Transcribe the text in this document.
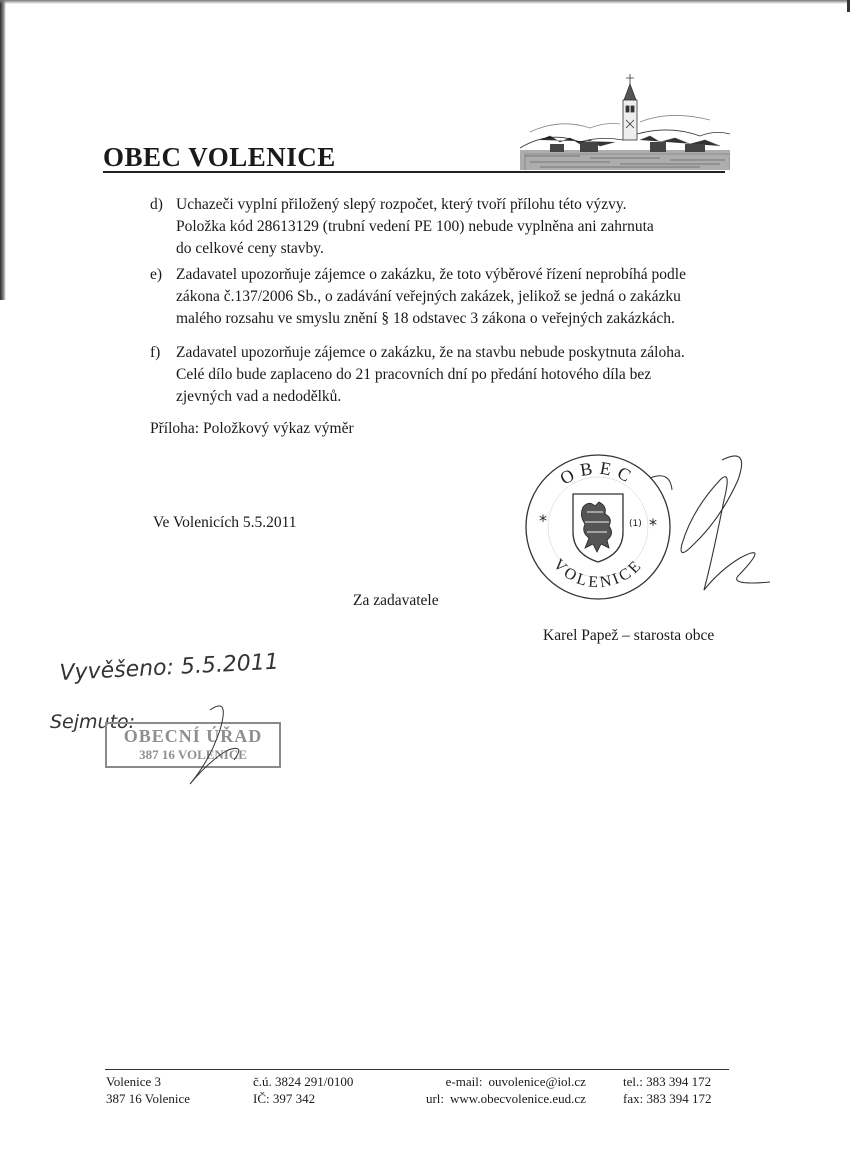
OBEC VOLENICE
d) Uchazeči vyplní přiložený slepý rozpočet, který tvoří přílohu této výzvy.
Položka kód 28613129 (trubní vedení PE 100) nebude vyplněna ani zahrnuta
do celkové ceny stavby.
e) Zadavatel upozorňuje zájemce o zakázku, že toto výběrové řízení neprobíhá podle
zákona č.137/2006 Sb., o zadávání veřejných zakázek, jelikož se jedná o zakázku
malého rozsahu ve smyslu znění § 18 odstavec 3 zákona o veřejných zakázkách.
f) Zadavatel upozorňuje zájemce o zakázku, že na stavbu nebude poskytnuta záloha.
Celé dílo bude zaplaceno do 21 pracovních dní po předání hotového díla bez
zjevných vad a nedodělků.
Příloha: Položkový výkaz výměr
Ve Volenicích 5.5.2011
Za zadavatele
Karel Papež – starosta obce
OBEC
VOLENICE
*	*
(1)
Vyvěšeno: 5.5.2011
Sejmuto:
OBECNÍ ÚŘAD
387 16 VOLENICE
Volenice 3
387 16 Volenice
č.ú. 3824 291/0100
IČ: 397 342
e-mail: ouvolenice@iol.cz
url: www.obecvolenice.eud.cz
tel.: 383 394 172
fax: 383 394 172
